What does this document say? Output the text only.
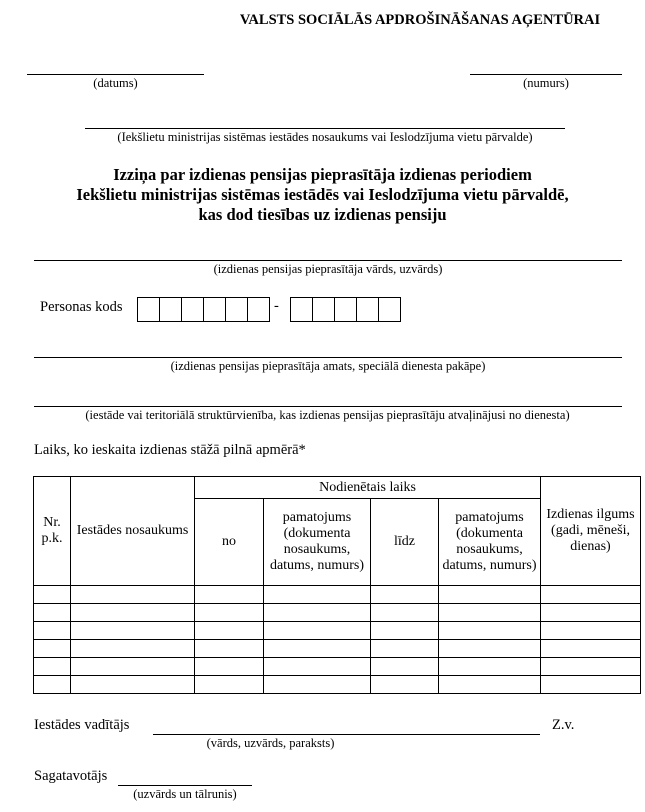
VALSTS SOCIĀLĀS APDROŠINĀŠANAS AĢENTŪRAI
(datums)	(numurs)
(Iekšlietu ministrijas sistēmas iestādes nosaukums vai Ieslodzījuma vietu pārvalde)
Izziņa par izdienas pensijas pieprasītāja izdienas periodiem
Iekšlietu ministrijas sistēmas iestādēs vai Ieslodzījuma vietu pārvaldē,
kas dod tiesības uz izdienas pensiju
(izdienas pensijas pieprasītāja vārds, uzvārds)
Personas kods	-
(izdienas pensijas pieprasītāja amats, speciālā dienesta pakāpe)
(iestāde vai teritoriālā struktūrvienība, kas izdienas pensijas pieprasītāju atvaļinājusi no dienesta)
Laiks, ko ieskaita izdienas stāžā pilnā apmērā*
Nr. p.k.	Iestādes nosaukums	Nodienētais laiks				Izdienas ilgums (gadi, mēneši, dienas)
		no	pamatojums (dokumenta nosaukums, datums, numurs)	līdz	pamatojums (dokumenta nosaukums, datums, numurs)	

Iestādes vadītājs	Z.v.
(vārds, uzvārds, paraksts)
Sagatavotājs
(uzvārds un tālrunis)
